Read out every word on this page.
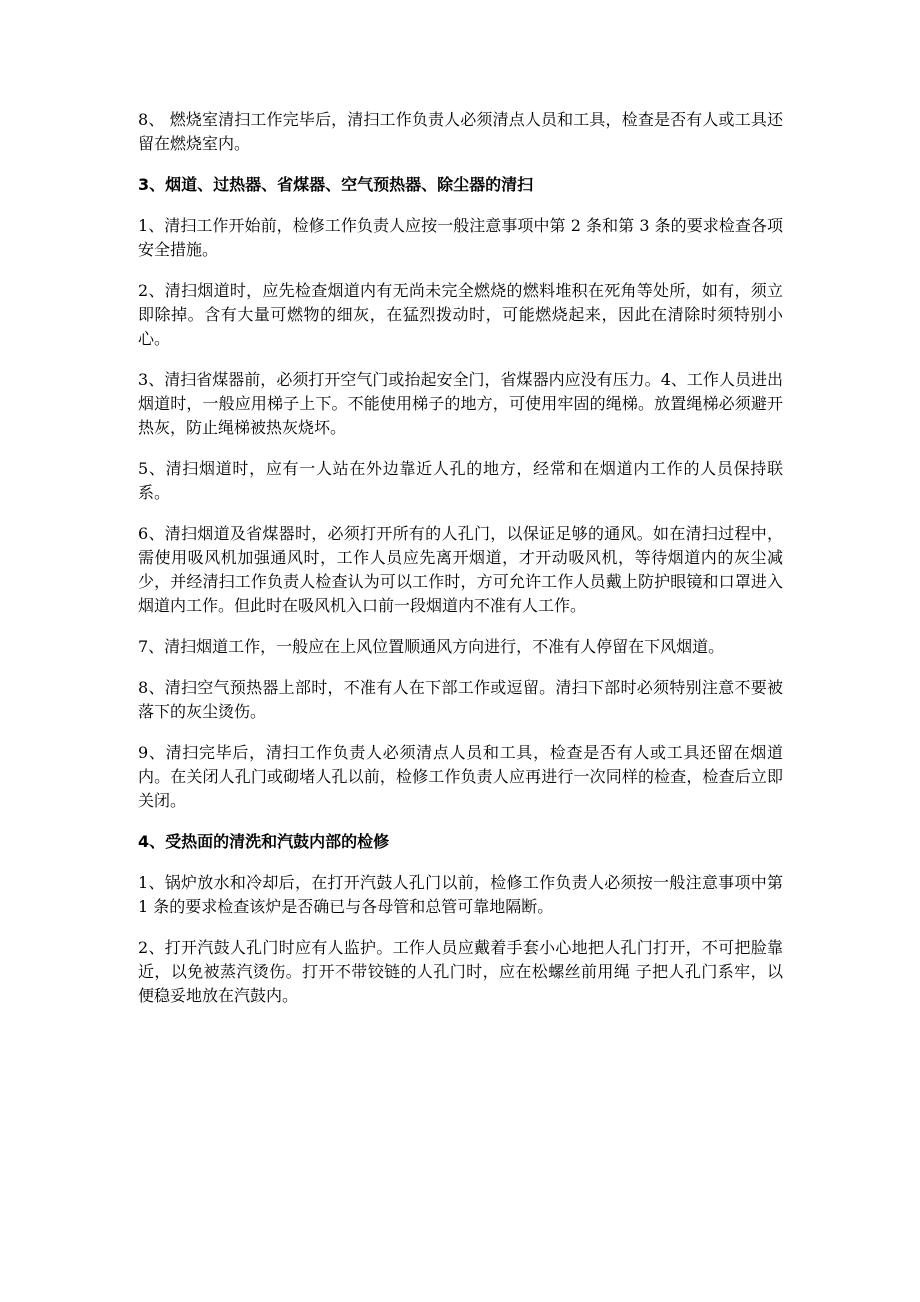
8、 燃烧室清扫工作完毕后，清扫工作负责人必须清点人员和工具，检查是否有人或工具还留在燃烧室内。

3、烟道、过热器、省煤器、空气预热器、除尘器的清扫

1、清扫工作开始前，检修工作负责人应按一般注意事项中第 2 条和第 3 条的要求检查各项安全措施。

2、清扫烟道时，应先检查烟道内有无尚未完全燃烧的燃料堆积在死角等处所，如有，须立即除掉。含有大量可燃物的细灰，在猛烈拨动时，可能燃烧起来，因此在清除时须特别小心。

3、清扫省煤器前，必须打开空气门或抬起安全门，省煤器内应没有压力。4、工作人员进出烟道时，一般应用梯子上下。不能使用梯子的地方，可使用牢固的绳梯。放置绳梯必须避开热灰，防止绳梯被热灰烧坏。

5、清扫烟道时，应有一人站在外边靠近人孔的地方，经常和在烟道内工作的人员保持联系。

6、清扫烟道及省煤器时，必须打开所有的人孔门，以保证足够的通风。如在清扫过程中，需使用吸风机加强通风时，工作人员应先离开烟道，才开动吸风机，等待烟道内的灰尘减少，并经清扫工作负责人检查认为可以工作时，方可允许工作人员戴上防护眼镜和口罩进入烟道内工作。但此时在吸风机入口前一段烟道内不准有人工作。

7、清扫烟道工作，一般应在上风位置顺通风方向进行，不准有人停留在下风烟道。

8、清扫空气预热器上部时，不准有人在下部工作或逗留。清扫下部时必须特别注意不要被落下的灰尘烫伤。

9、清扫完毕后，清扫工作负责人必须清点人员和工具，检查是否有人或工具还留在烟道内。在关闭人孔门或砌堵人孔以前，检修工作负责人应再进行一次同样的检查，检查后立即关闭。

4、受热面的清洗和汽鼓内部的检修

1、锅炉放水和冷却后，在打开汽鼓人孔门以前，检修工作负责人必须按一般注意事项中第 1 条的要求检查该炉是否确已与各母管和总管可靠地隔断。

2、打开汽鼓人孔门时应有人监护。工作人员应戴着手套小心地把人孔门打开，不可把脸靠近，以免被蒸汽烫伤。打开不带铰链的人孔门时，应在松螺丝前用绳 子把人孔门系牢，以便稳妥地放在汽鼓内。
